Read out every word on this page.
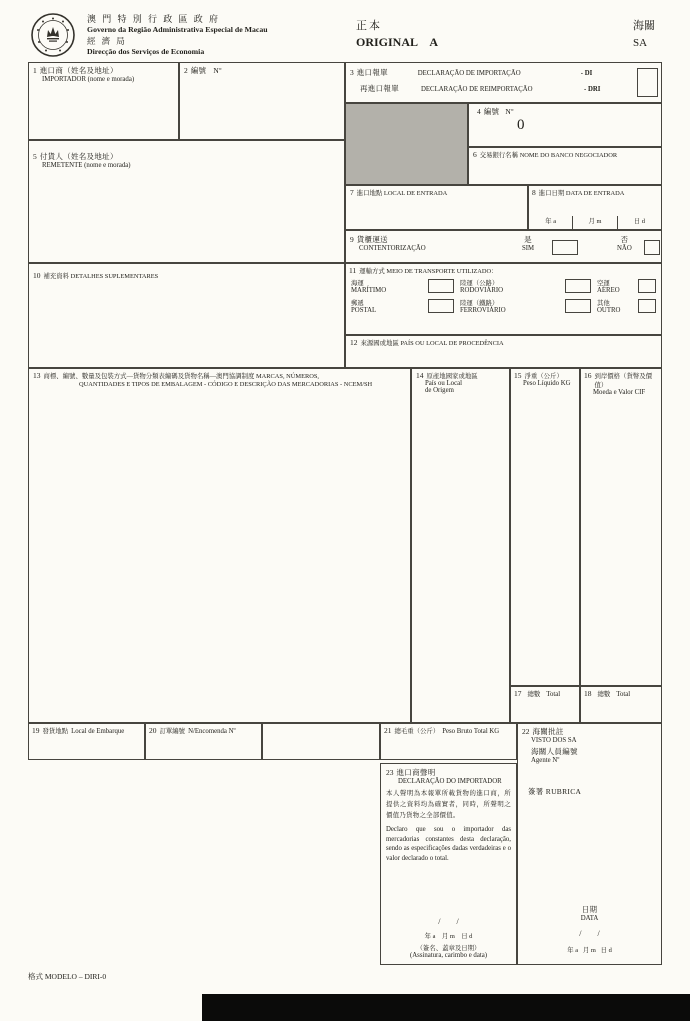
澳 門 特 別 行 政 區 政 府
Governo da Região Administrativa Especial de Macau
經 濟 局
Direcção dos Serviços de Economia
正本
ORIGINAL A
海關
SA
1 進口商（姓名及地址）
IMPORTADOR (nome e morada)
2 編號 Nº	3 進口報單	DECLARAÇÃO DE IMPORTAÇÃO	- DI
再進口報單	DECLARAÇÃO DE REIMPORTAÇÃO	- DRI
4 編號 Nº
0
5 付貨人（姓名及地址）
REMETENTE (nome e morada)
6 交易銀行名稱 NOME DO BANCO NEGOCIADOR
7 進口地點 LOCAL DE ENTRADA	8 進口日期 DATA DE ENTRADA
年 a	月 m	日 d
9 貨櫃運送
CONTENTORIZAÇÃO
是
SIM
否
NÃO
10 補充資料 DETALHES SUPLEMENTARES
11 運輸方式 MEIO DE TRANSPORTE UTILIZADO：
海運
MARÍTIMO
陸運（公路）
RODOVIÁRIO
空運
AÉREO
郵遞
POSTAL
陸運（鐵路）
FERROVIÁRIO
其他
OUTRO
12 來源國或地區 PAÍS OU LOCAL DE PROCEDÊNCIA
13 商標、編號、數量及包裝方式—貨物分類表編碼及貨物名稱—澳門協調制度 MARCAS, NÚMEROS,
QUANTIDADES E TIPOS DE EMBALAGEM - CÓDIGO E DESCRIÇÃO DAS MERCADORIAS - NCEM/SH
14 原產地國家或地區
País ou Local
de Origem
15 淨重（公斤）
Peso Líquido KG
16 到岸價格（貨幣及價值）
Moeda e Valor CIF
17 總數 Total	18 總數 Total
19 發貨地點 Local de Embarque	20 訂單編號 N/Encomenda Nº	21 總毛重（公斤） Peso Bruto Total KG	22 海關批註
VISTO DOS SA
海關人員編號
Agente Nº
簽署 RUBRICA
日期
DATA
/        /
年 a   月 m   日 d
23 進口商聲明
DECLARAÇÃO DO IMPORTADOR
本人聲明為本報單所載貨物的進口商，所提供之資料均為確實者，同時，所聲明之價值乃貨物之全部價值。
Declaro que sou o importador das mercadorias constantes desta declaração, sendo as especificações dadas verdadeiras e o valor declarado o total.
/        /
年 a    月 m    日 d
（簽名、蓋章及日期）
(Assinatura, carimbo e data)
格式 MODELO – DIRI-0
